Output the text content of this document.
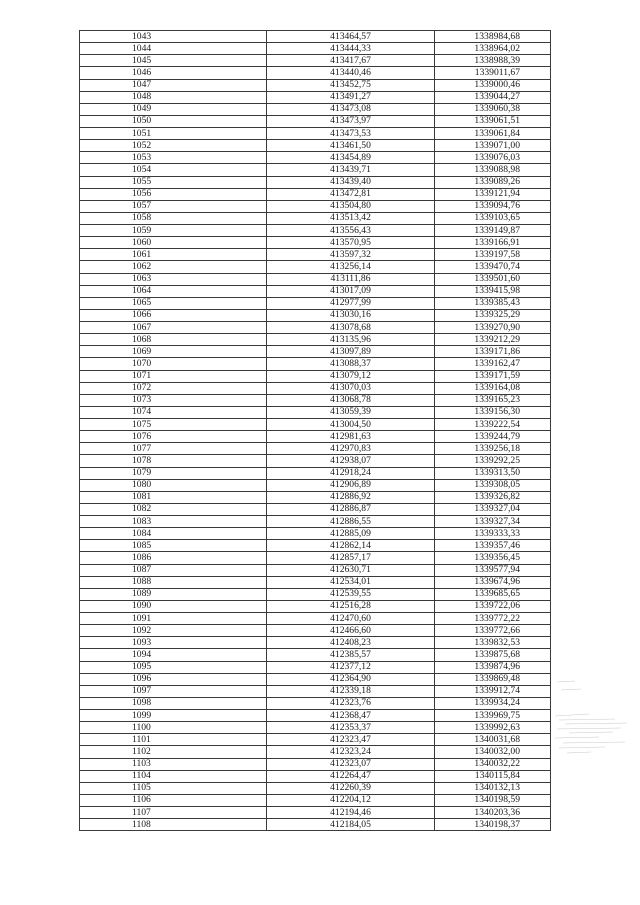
1043	413464,57	1338984,68
1044	413444,33	1338964,02
1045	413417,67	1338988,39
1046	413440,46	1339011,67
1047	413452,75	1339000,46
1048	413491,27	1339044,27
1049	413473,08	1339060,38
1050	413473,97	1339061,51
1051	413473,53	1339061,84
1052	413461,50	1339071,00
1053	413454,89	1339076,03
1054	413439,71	1339088,98
1055	413439,40	1339089,26
1056	413472,81	1339121,94
1057	413504,80	1339094,76
1058	413513,42	1339103,65
1059	413556,43	1339149,87
1060	413570,95	1339166,91
1061	413597,32	1339197,58
1062	413256,14	1339470,74
1063	413111,86	1339501,60
1064	413017,09	1339415,98
1065	412977,99	1339385,43
1066	413030,16	1339325,29
1067	413078,68	1339270,90
1068	413135,96	1339212,29
1069	413097,89	1339171,86
1070	413088,37	1339162,47
1071	413079,12	1339171,59
1072	413070,03	1339164,08
1073	413068,78	1339165,23
1074	413059,39	1339156,30
1075	413004,50	1339222,54
1076	412981,63	1339244,79
1077	412970,83	1339256,18
1078	412938,07	1339292,25
1079	412918,24	1339313,50
1080	412906,89	1339308,05
1081	412886,92	1339326,82
1082	412886,87	1339327,04
1083	412886,55	1339327,34
1084	412885,09	1339333,33
1085	412862,14	1339357,46
1086	412857,17	1339356,45
1087	412630,71	1339577,94
1088	412534,01	1339674,96
1089	412539,55	1339685,65
1090	412516,28	1339722,06
1091	412470,60	1339772,22
1092	412466,60	1339772,66
1093	412408,23	1339832,53
1094	412385,57	1339875,68
1095	412377,12	1339874,96
1096	412364,90	1339869,48
1097	412339,18	1339912,74
1098	412323,76	1339934,24
1099	412368,47	1339969,75
1100	412353,37	1339992,63
1101	412323,47	1340031,68
1102	412323,24	1340032,00
1103	412323,07	1340032,22
1104	412264,47	1340115,84
1105	412260,39	1340132,13
1106	412204,12	1340198,59
1107	412194,46	1340203,36
1108	412184,05	1340198,37
